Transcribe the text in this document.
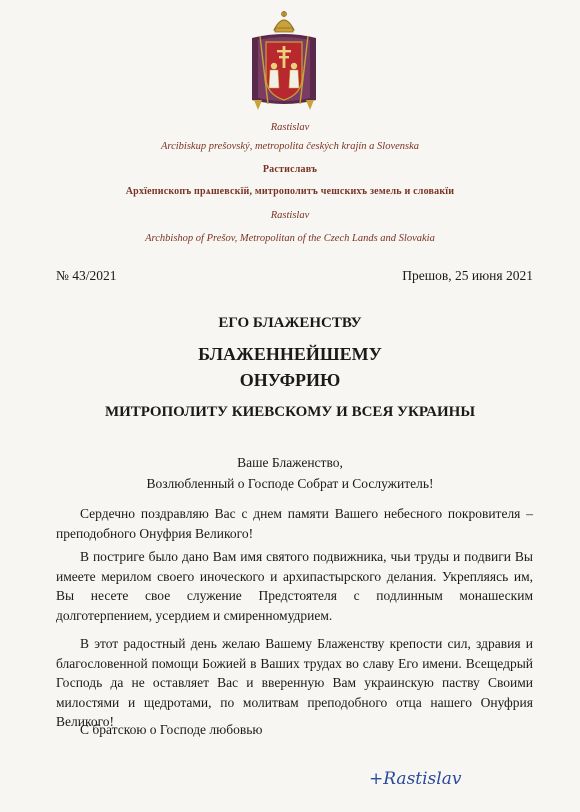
Rastislav
Arcibiskup prešovský, metropolita českých krajín a Slovenska
Растиславъ
Архїепископъ прѧшевскїй, митрополитъ чешскихъ земель и словакїи
Rastislav
Archbishop of Prešov, Metropolitan of the Czech Lands and Slovakia
№ 43/2021	Прешов, 25 июня 2021
ЕГО БЛАЖЕНСТВУ
БЛАЖЕННЕЙШЕМУ
ОНУФРИЮ
МИТРОПОЛИТУ КИЕВСКОМУ И ВСЕЯ УКРАИНЫ
Ваше Блаженство,
Возлюбленный о Господе Собрат и Сослужитель!
Сердечно поздравляю Вас с днем памяти Вашего небесного покровителя – преподобного Онуфрия Великого!
В постриге было дано Вам имя святого подвижника, чьи труды и подвиги Вы имеете мерилом своего иноческого и архипастырского делания. Укрепляясь им, Вы несете свое служение Предстоятеля с подлинным монашеским долготерпением, усердием и смиренномудрием.
В этот радостный день желаю Вашему Блаженству крепости сил, здравия и благословенной помощи Божией в Ваших трудах во славу Его имени. Всещедрый Господь да не оставляет Вас и вверенную Вам украинскую паству Своими милостями и щедротами, по молитвам преподобного отца нашего Онуфрия Великого!
С братскою о Господе любовью
+Rastislav
